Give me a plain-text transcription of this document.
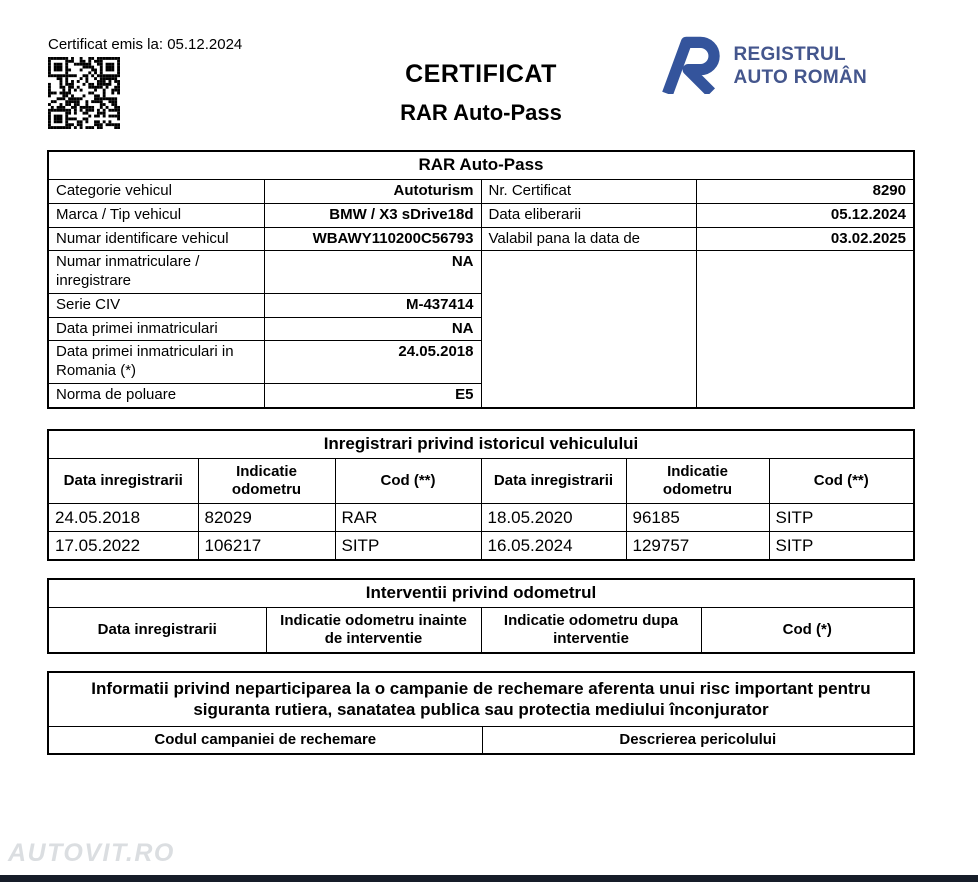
Certificat emis la: 05.12.2024
CERTIFICAT
RAR Auto-Pass
REGISTRUL
AUTO ROMÂN
RAR Auto-Pass			
Categorie vehicul	Autoturism	Nr. Certificat	8290
Marca / Tip vehicul	BMW / X3 sDrive18d	Data eliberarii	05.12.2024
Numar identificare vehicul	WBAWY110200C56793	Valabil pana la data de	03.02.2025
Numar inmatriculare / inregistrare	NA		
Serie CIV	M-437414		
Data primei inmatriculari	NA		
Data primei inmatriculari in Romania (*)	24.05.2018		
Norma de poluare	E5		
Inregistrari privind istoricul vehiculului					
Data inregistrarii	Indicatie odometru	Cod (**)	Data inregistrarii	Indicatie odometru	Cod (**)
24.05.2018	82029	RAR	18.05.2020	96185	SITP
17.05.2022	106217	SITP	16.05.2024	129757	SITP
Interventii privind odometrul
Data inregistrarii	Indicatie odometru inainte de interventie	Indicatie odometru dupa interventie	Cod (*)
Informatii privind neparticiparea la o campanie de rechemare aferenta unui risc important pentru siguranta rutiera, sanatatea publica sau protectia mediului înconjurator
Codul campaniei de rechemare	Descrierea pericolului
AUTOVIT.RO
